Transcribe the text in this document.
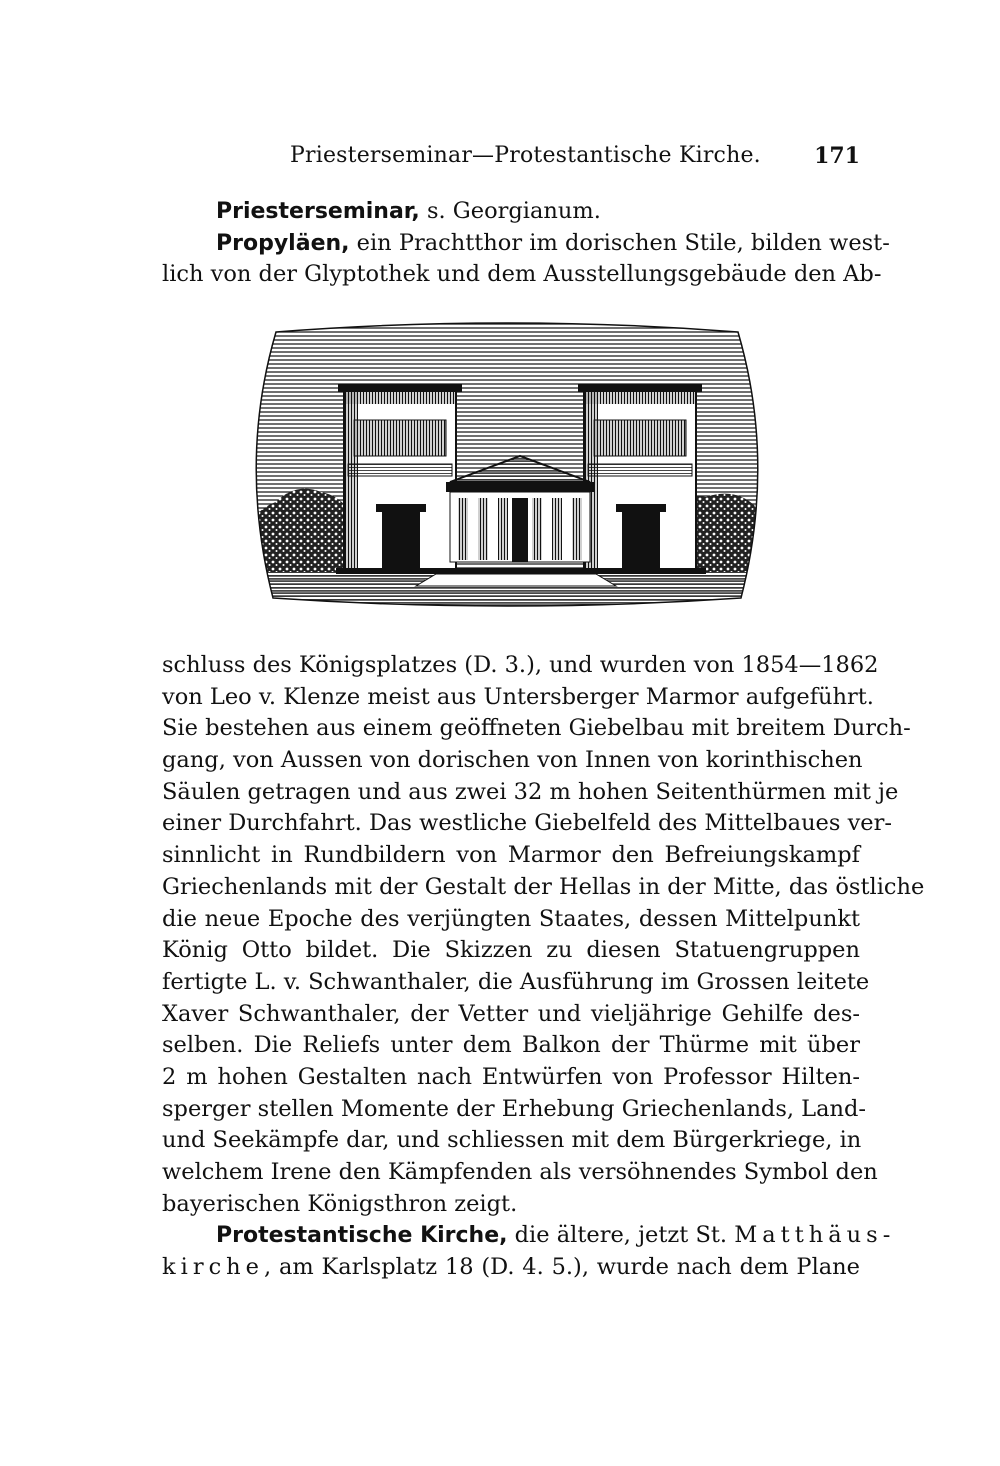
Priesterseminar—Protestantische Kirche. 171
Priesterseminar, s. Georgianum.
Propyläen, ein Prachtthor im dorischen Stile, bilden west-
lich von der Glyptothek und dem Ausstellungsgebäude den Ab-
schluss des Königsplatzes (D. 3.), und wurden von 1854—1862
von Leo v. Klenze meist aus Untersberger Marmor aufgeführt.
Sie bestehen aus einem geöffneten Giebelbau mit breitem Durch-
gang, von Aussen von dorischen von Innen von korinthischen
Säulen getragen und aus zwei 32 m hohen Seitenthürmen mit je
einer Durchfahrt. Das westliche Giebelfeld des Mittelbaues ver-
sinnlicht in Rundbildern von Marmor den Befreiungskampf
Griechenlands mit der Gestalt der Hellas in der Mitte, das östliche
die neue Epoche des verjüngten Staates, dessen Mittelpunkt
König Otto bildet. Die Skizzen zu diesen Statuengruppen
fertigte L. v. Schwanthaler, die Ausführung im Grossen leitete
Xaver Schwanthaler, der Vetter und vieljährige Gehilfe des-
selben. Die Reliefs unter dem Balkon der Thürme mit über
2 m hohen Gestalten nach Entwürfen von Professor Hilten-
sperger stellen Momente der Erhebung Griechenlands, Land-
und Seekämpfe dar, und schliessen mit dem Bürgerkriege, in
welchem Irene den Kämpfenden als versöhnendes Symbol den
bayerischen Königsthron zeigt.
Protestantische Kirche, die ältere, jetzt St. Matthäus-
kirche, am Karlsplatz 18 (D. 4. 5.), wurde nach dem Plane
